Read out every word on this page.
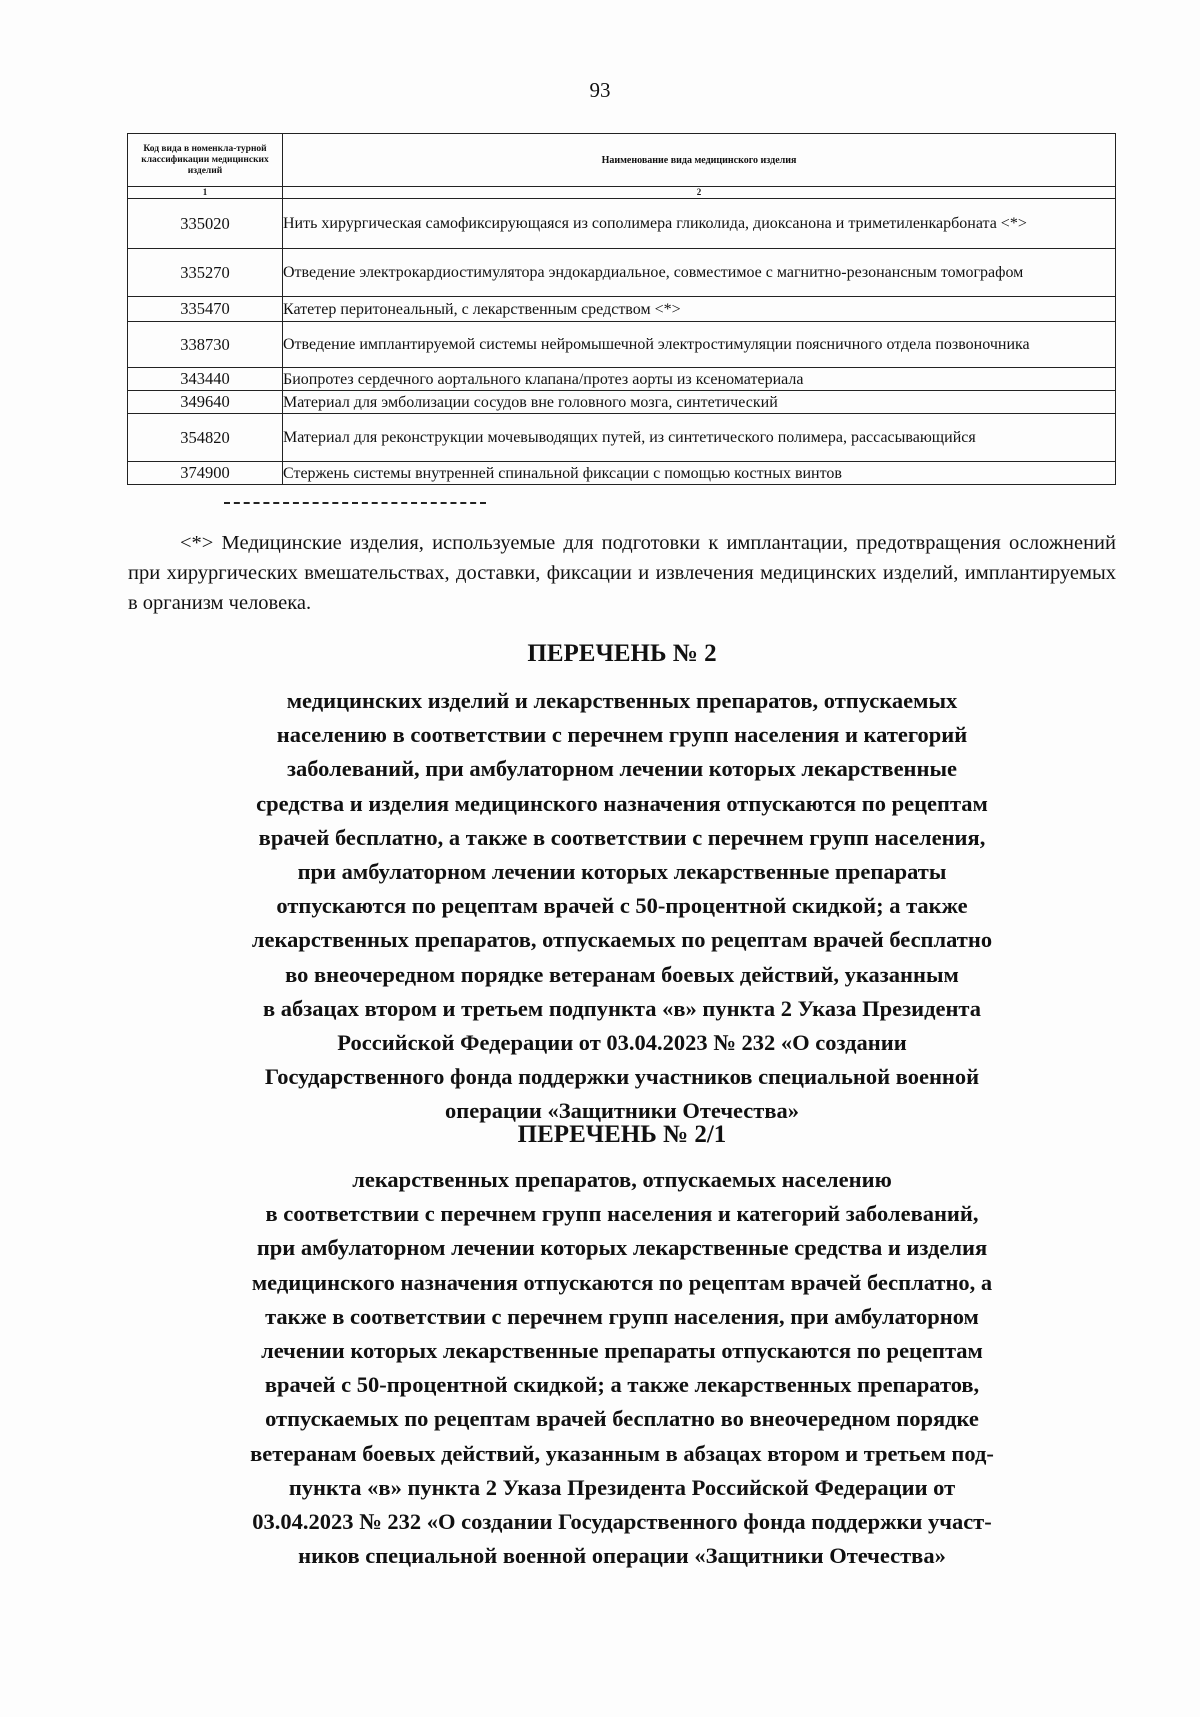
93
Код вида в номенкла-турной классификации медицинских изделий	Наименование вида медицинского изделия
1	2
335020	Нить хирургическая самофиксирующаяся из сополимера гликолида, диоксанона и триметиленкарбоната <*>
335270	Отведение электрокардиостимулятора эндокардиальное, совместимое с магнитно-резонансным томографом
335470	Катетер перитонеальный, с лекарственным средством <*>
338730	Отведение имплантируемой системы нейромышечной электростимуляции поясничного отдела позвоночника
343440	Биопротез сердечного аортального клапана/протез аорты из ксеноматериала
349640	Материал для эмболизации сосудов вне головного мозга, синтетический
354820	Материал для реконструкции мочевыводящих путей, из синтетического полимера, рассасывающийся
374900	Стержень системы внутренней спинальной фиксации с помощью костных винтов
<*> Медицинские изделия, используемые для подготовки к имплантации, предотвращения осложнений при хирургических вмешательствах, доставки, фиксации и извлечения медицинских изделий, имплантируемых в организм человека.
ПЕРЕЧЕНЬ № 2
медицинских изделий и лекарственных препаратов, отпускаемых
населению в соответствии с перечнем групп населения и категорий
заболеваний, при амбулаторном лечении которых лекарственные
средства и изделия медицинского назначения отпускаются по рецептам
врачей бесплатно, а также в соответствии с перечнем групп населения,
при амбулаторном лечении которых лекарственные препараты
отпускаются по рецептам врачей с 50-процентной скидкой; а также
лекарственных препаратов, отпускаемых по рецептам врачей бесплатно
во внеочередном порядке ветеранам боевых действий, указанным
в абзацах втором и третьем подпункта «в» пункта 2 Указа Президента
Российской Федерации от 03.04.2023 № 232 «О создании
Государственного фонда поддержки участников специальной военной
операции «Защитники Отечества»
ПЕРЕЧЕНЬ № 2/1
лекарственных препаратов, отпускаемых населению
в соответствии с перечнем групп населения и категорий заболеваний,
при амбулаторном лечении которых лекарственные средства и изделия
медицинского назначения отпускаются по рецептам врачей бесплатно, а
также в соответствии с перечнем групп населения, при амбулаторном
лечении которых лекарственные препараты отпускаются по рецептам
врачей с 50-процентной скидкой; а также лекарственных препаратов,
отпускаемых по рецептам врачей бесплатно во внеочередном порядке
ветеранам боевых действий, указанным в абзацах втором и третьем под-
пункта «в» пункта 2 Указа Президента Российской Федерации от
03.04.2023 № 232 «О создании Государственного фонда поддержки участ-
ников специальной военной операции «Защитники Отечества»
